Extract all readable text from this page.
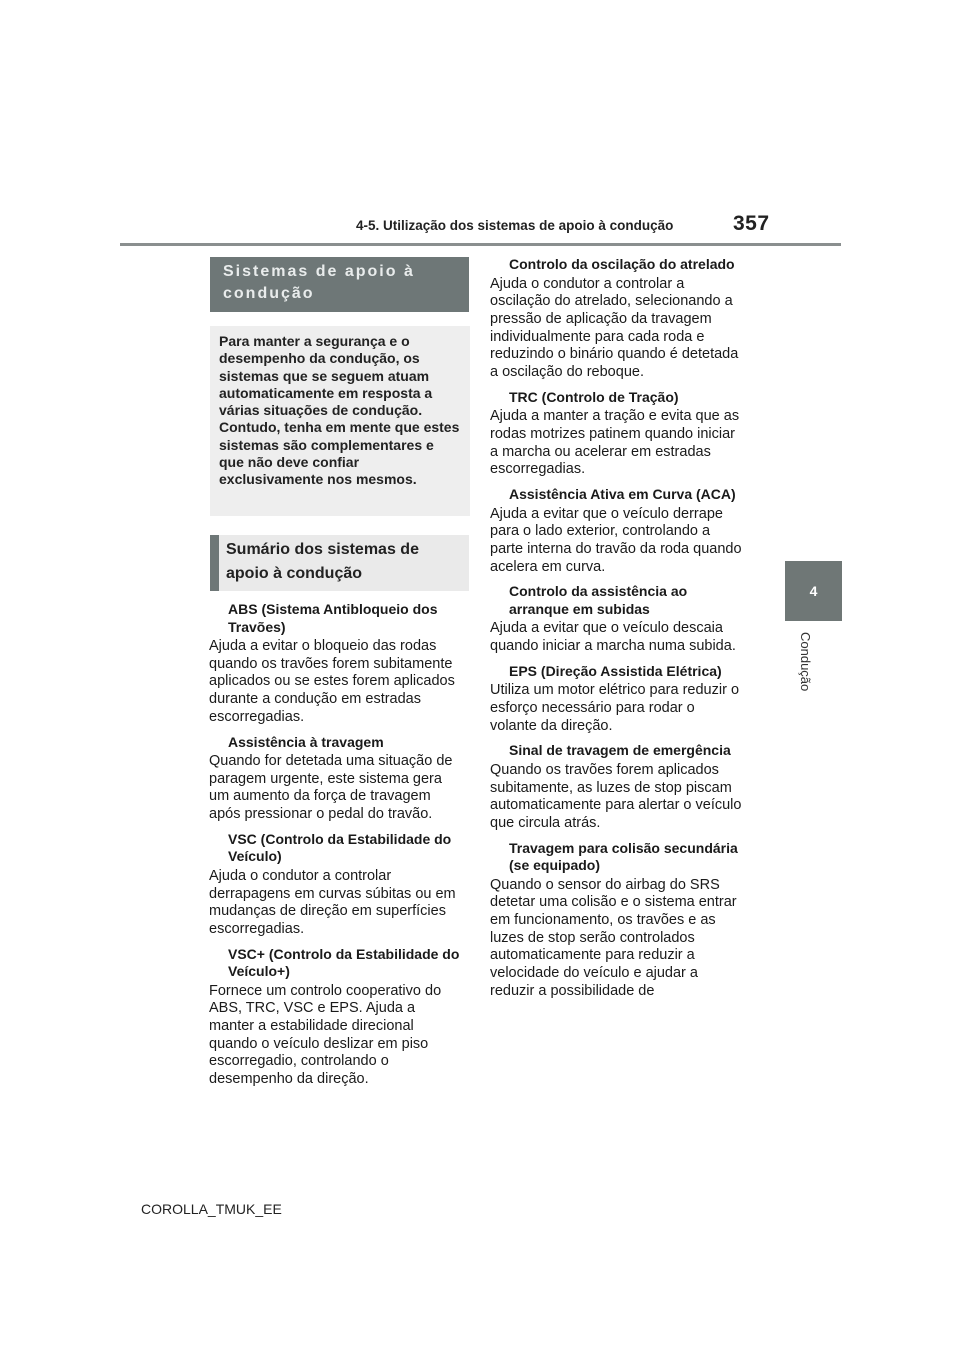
4-5. Utilização dos sistemas de apoio à condução	357
4
Condução
Sistemas de apoio à condução
Para manter a segurança e o desempenho da condução, os sistemas que se seguem atuam automaticamente em resposta a várias situações de condução. Contudo, tenha em mente que estes sistemas são complementares e que não deve confiar exclusivamente nos mesmos.
Sumário dos sistemas de apoio à condução

ABS (Sistema Antibloqueio dos Travões)

Ajuda a evitar o bloqueio das rodas quando os travões forem subitamente aplicados ou se estes forem aplicados durante a condução em estradas escorregadias.

Assistência à travagem

Quando for detetada uma situação de paragem urgente, este sistema gera um aumento da força de travagem após pressionar o pedal do travão.

VSC (Controlo da Estabilidade do Veículo)

Ajuda o condutor a controlar derrapagens em curvas súbitas ou em mudanças de direção em superfícies escorregadias.

VSC+ (Controlo da Estabilidade do Veículo+)

Fornece um controlo cooperativo do ABS, TRC, VSC e EPS. Ajuda a manter a estabilidade direcional quando o veículo deslizar em piso escorregadio, controlando o desempenho da direção.

Controlo da oscilação do atrelado

Ajuda o condutor a controlar a oscilação do atrelado, selecionando a pressão de aplicação da travagem individualmente para cada roda e reduzindo o binário quando é detetada a oscilação do reboque.

TRC (Controlo de Tração)

Ajuda a manter a tração e evita que as rodas motrizes patinem quando iniciar a marcha ou acelerar em estradas escorregadias.

Assistência Ativa em Curva (ACA)

Ajuda a evitar que o veículo derrape para o lado exterior, controlando a parte interna do travão da roda quando acelera em curva.

Controlo da assistência ao arranque em subidas

Ajuda a evitar que o veículo descaia quando iniciar a marcha numa subida.

EPS (Direção Assistida Elétrica)

Utiliza um motor elétrico para reduzir o esforço necessário para rodar o volante da direção.

Sinal de travagem de emergência

Quando os travões forem aplicados subitamente, as luzes de stop piscam automaticamente para alertar o veículo que circula atrás.

Travagem para colisão secundária (se equipado)

Quando o sensor do airbag do SRS detetar uma colisão e o sistema entrar em funcionamento, os travões e as luzes de stop serão controlados automaticamente para reduzir a velocidade do veículo e ajudar a reduzir a possibilidade de

COROLLA_TMUK_EE
